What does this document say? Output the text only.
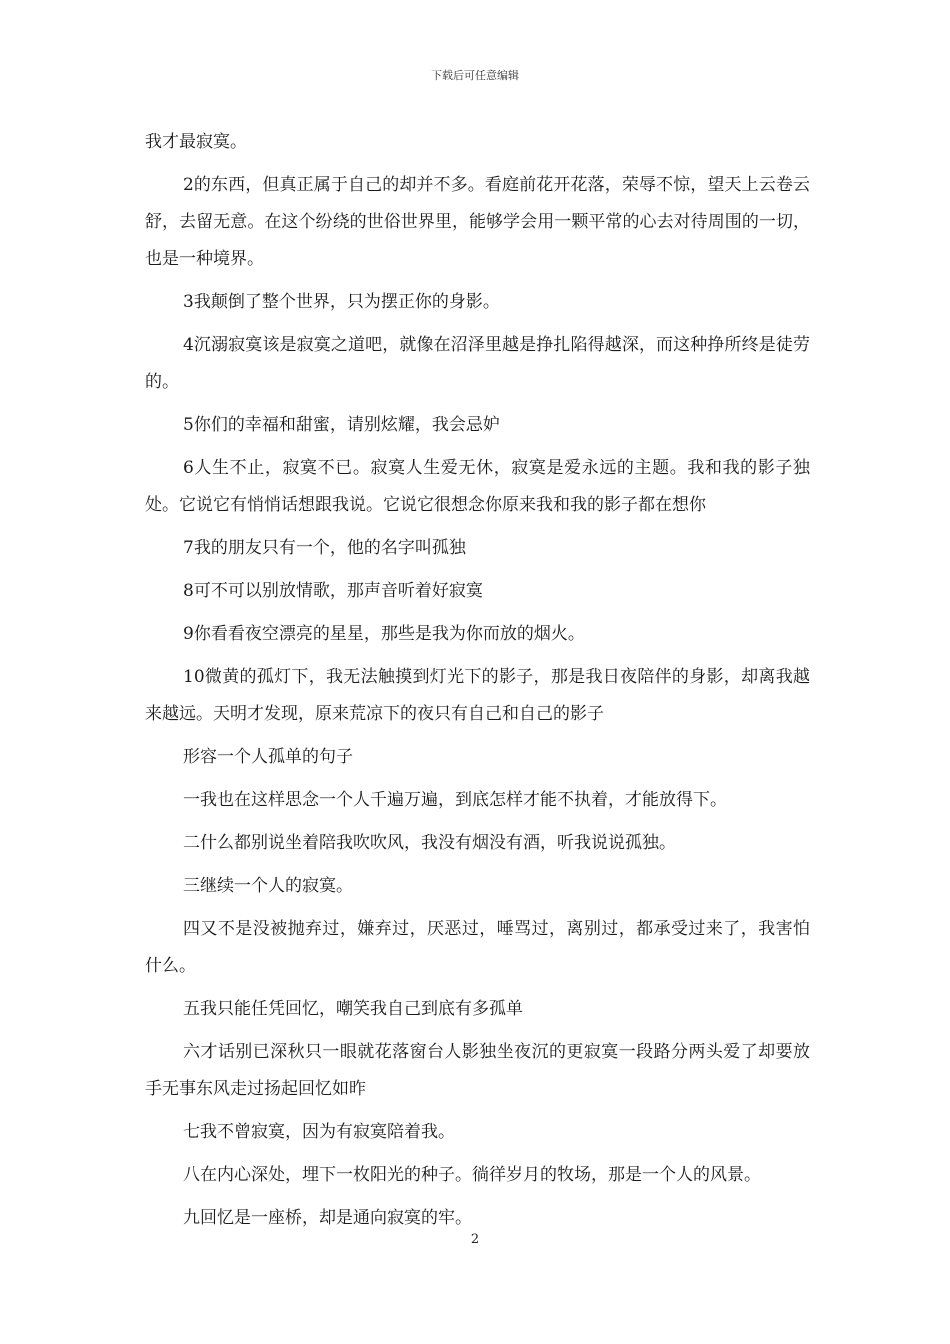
下载后可任意编辑

我才最寂寞。

2的东西，但真正属于自己的却并不多。看庭前花开花落，荣辱不惊，望天上云卷云舒，去留无意。在这个纷绕的世俗世界里，能够学会用一颗平常的心去对待周围的一切，也是一种境界。

3我颠倒了整个世界，只为摆正你的身影。

4沉溺寂寞该是寂寞之道吧，就像在沼泽里越是挣扎陷得越深，而这种挣所终是徒劳的。

5你们的幸福和甜蜜，请别炫耀，我会忌妒

6人生不止，寂寞不已。寂寞人生爱无休，寂寞是爱永远的主题。我和我的影子独处。它说它有悄悄话想跟我说。它说它很想念你原来我和我的影子都在想你

7我的朋友只有一个，他的名字叫孤独

8可不可以别放情歌，那声音听着好寂寞

9你看看夜空漂亮的星星，那些是我为你而放的烟火。

10微黄的孤灯下，我无法触摸到灯光下的影子，那是我日夜陪伴的身影，却离我越来越远。天明才发现，原来荒凉下的夜只有自己和自己的影子

形容一个人孤单的句子

一我也在这样思念一个人千遍万遍，到底怎样才能不执着，才能放得下。

二什么都别说坐着陪我吹吹风，我没有烟没有酒，听我说说孤独。

三继续一个人的寂寞。

四又不是没被抛弃过，嫌弃过，厌恶过，唾骂过，离别过，都承受过来了，我害怕什么。

五我只能任凭回忆，嘲笑我自己到底有多孤单

六才话别已深秋只一眼就花落窗台人影独坐夜沉的更寂寞一段路分两头爱了却要放手无事东风走过扬起回忆如昨

七我不曾寂寞，因为有寂寞陪着我。

八在内心深处，埋下一枚阳光的种子。徜徉岁月的牧场，那是一个人的风景。

九回忆是一座桥，却是通向寂寞的牢。

2
